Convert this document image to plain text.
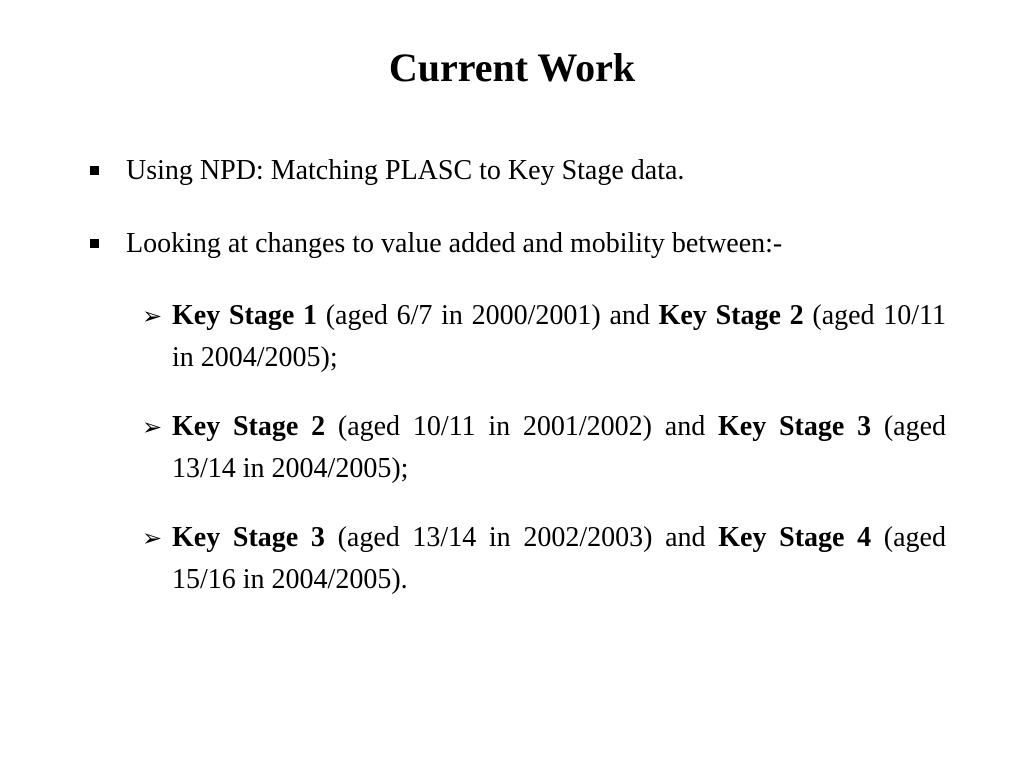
Current Work
Using NPD: Matching PLASC to Key Stage data.
Looking at changes to value added and mobility between:-
➢ Key Stage 1 (aged 6/7 in 2000/2001) and Key Stage 2 (aged 10/11 in 2004/2005);
➢ Key Stage 2 (aged 10/11 in 2001/2002) and Key Stage 3 (aged 13/14 in 2004/2005);
➢ Key Stage 3 (aged 13/14 in 2002/2003) and Key Stage 4 (aged 15/16 in 2004/2005).
